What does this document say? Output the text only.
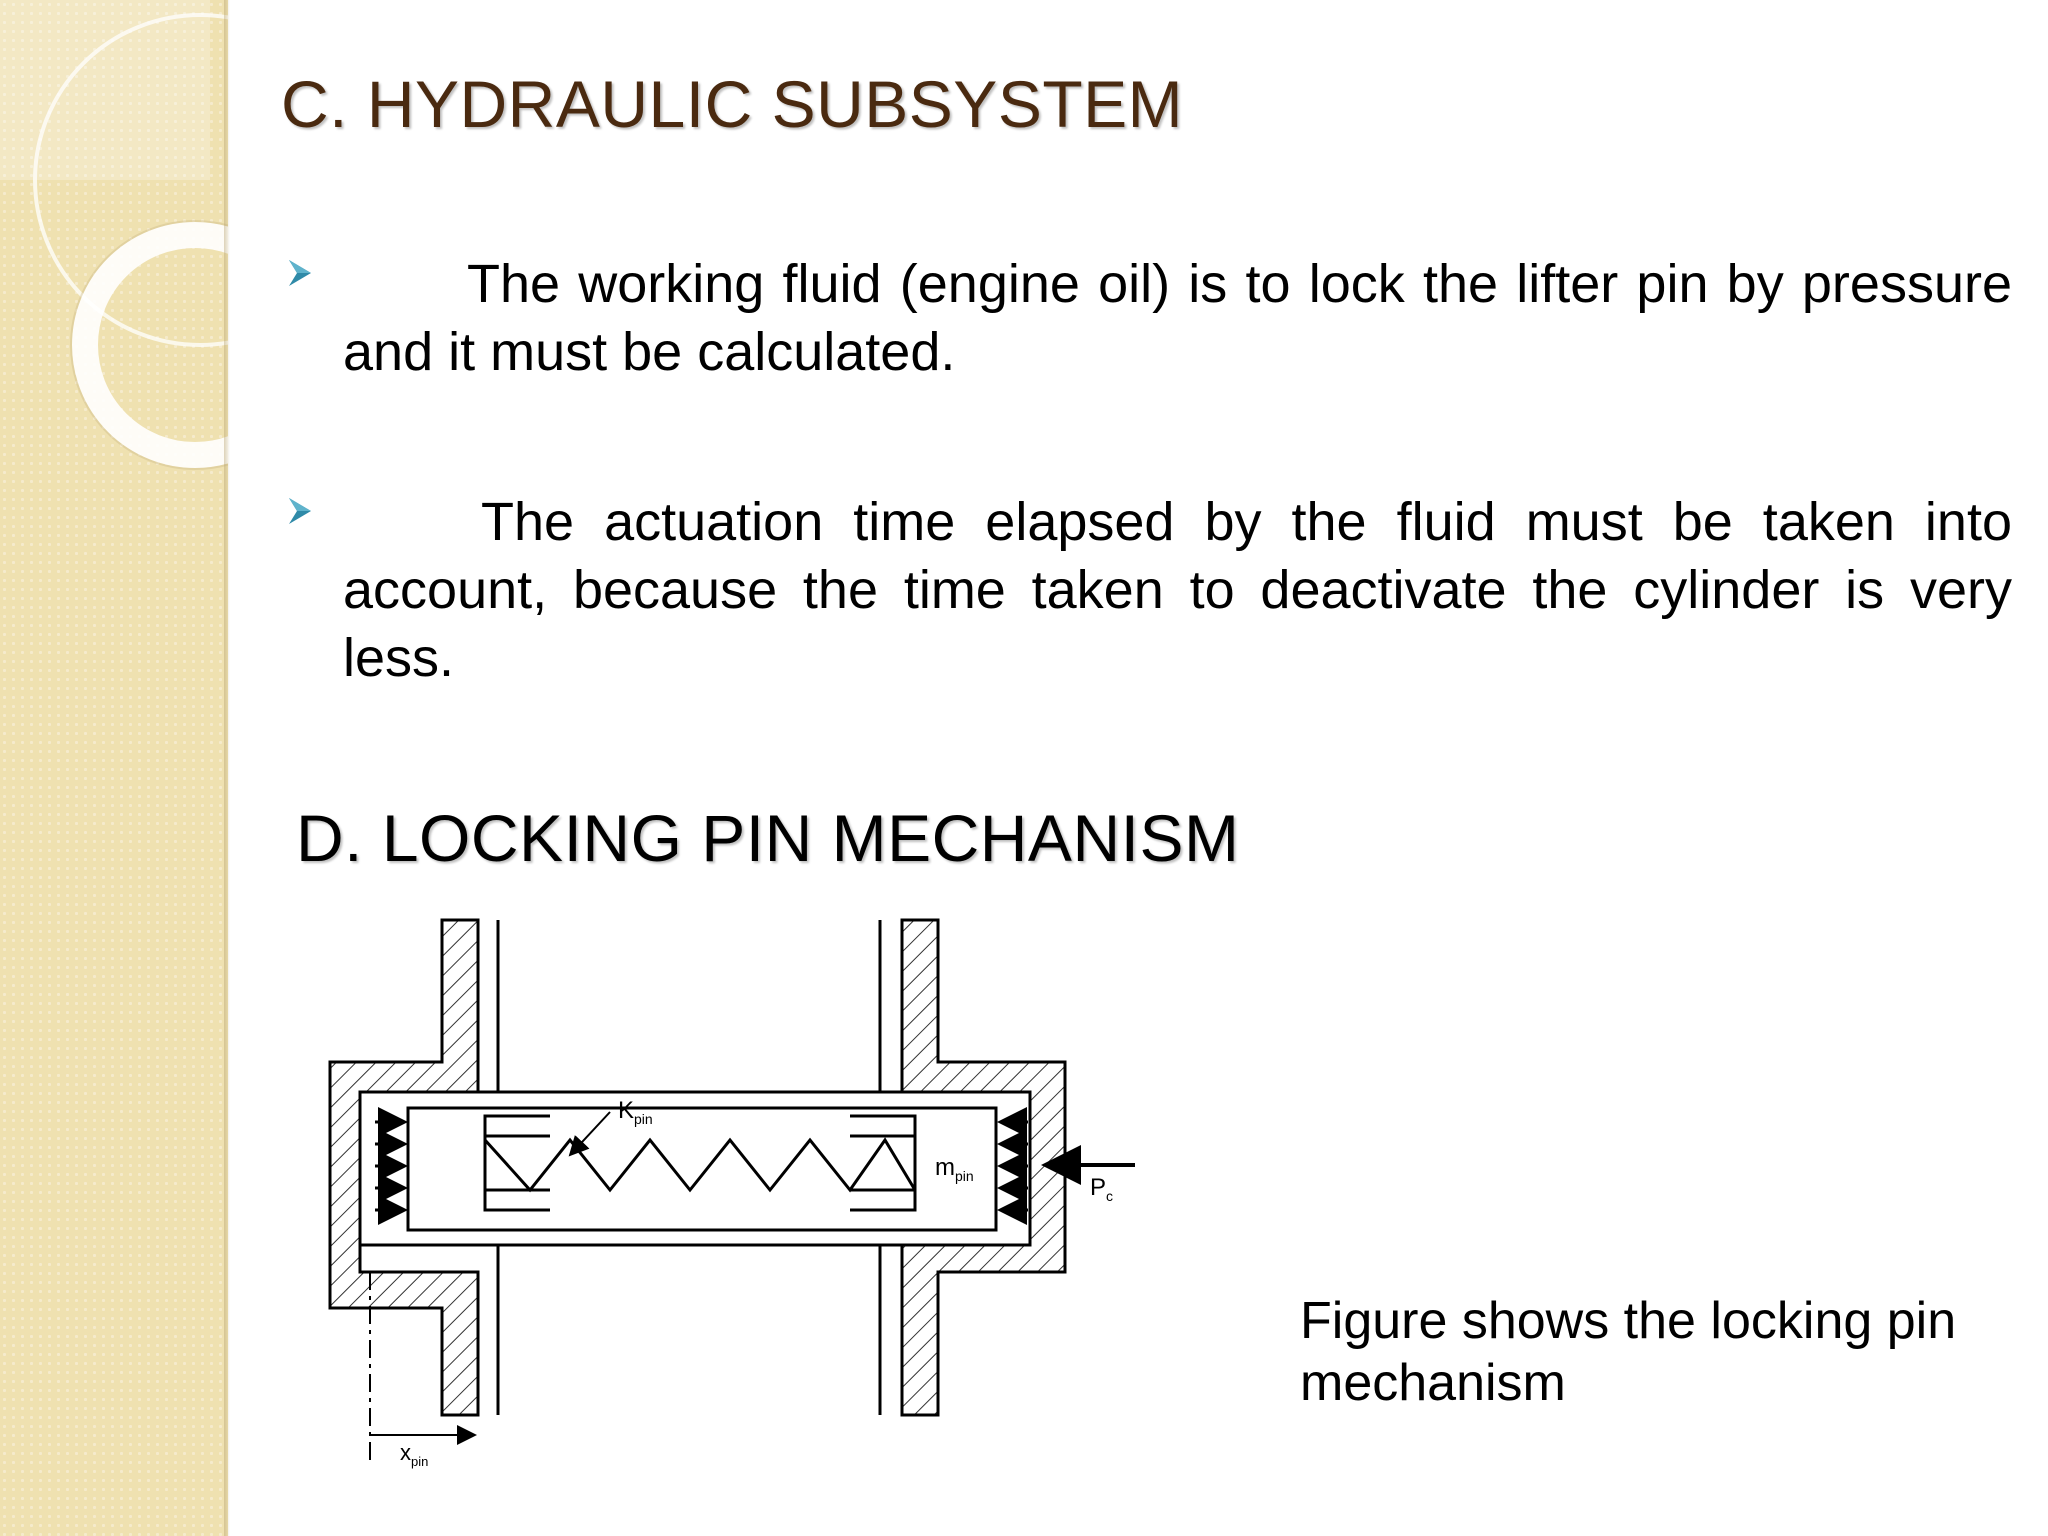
C. HYDRAULIC SUBSYSTEM

The working fluid (engine oil) is to lock the lifter pin by pressure and it must be calculated.

The actuation time elapsed by the fluid must be taken into account, because the time taken to deactivate the cylinder is very less.

D. LOCKING PIN MECHANISM
$K_{pin}$
$m_{pin}$	$P_c$
$x_{pin}$

Figure shows the locking pin mechanism
